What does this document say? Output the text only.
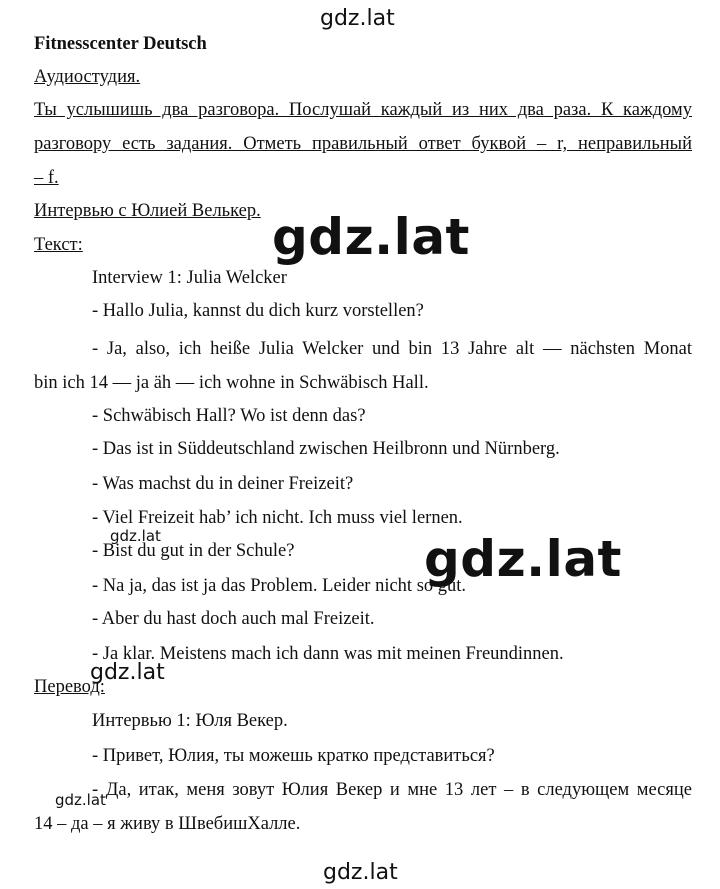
gdz.lat
Fitnesscenter Deutsch
Аудиостудия.
Ты услышишь два разговора. Послушай каждый из них два раза. К каждому
разговору есть задания. Отметь правильный ответ буквой – r, неправильный
– f.
Интервью с Юлией Велькер.
Текст:	gdz.lat
Interview 1: Julia Welcker
- Hallo Julia, kannst du dich kurz vorstellen?
- Ja, also, ich heiße Julia Welcker und bin 13 Jahre alt — nächsten Monat
bin ich 14 — ja äh — ich wohne in Schwäbisch Hall.
- Schwäbisch Hall? Wo ist denn das?
- Das ist in Süddeutschland zwischen Heilbronn und Nürnberg.
- Was machst du in deiner Freizeit?
- Viel Freizeit hab’ ich nicht. Ich muss viel lernen.
- Bist du gut in der Schule?
- Na ja, das ist ja das Problem. Leider nicht so gut.
- Aber du hast doch auch mal Freizeit.
- Ja klar. Meistens mach ich dann was mit meinen Freundinnen.
gdz.lat	gdz.lat
gdz.lat
Перевод:
Интервью 1: Юля Векер.
- Привет, Юлия, ты можешь кратко представиться?
- Да, итак, меня зовут Юлия Векер и мне 13 лет – в следующем месяце
14 – да – я живу в ШвебишХалле.
gdz.lat
gdz.lat
